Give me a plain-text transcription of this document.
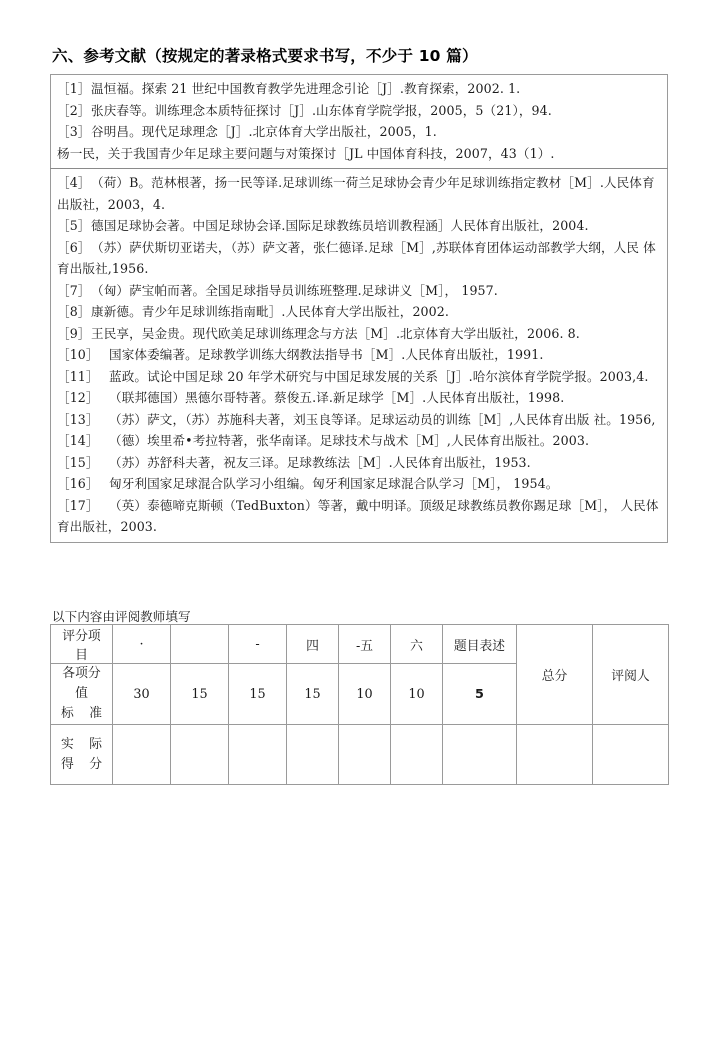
六、参考文献（按规定的著录格式要求书写，不少于 10 篇）
［1］温恒福。探索 21 世纪中国教育教学先进理念引论［J］.教育探索，2002. 1.
［2］张庆春等。训练理念本质特征探讨［J］.山东体育学院学报，2005，5（21），94.
［3］谷明昌。现代足球理念［J］.北京体育大学出版社，2005，1.
杨一民，关于我国青少年足球主要问题与对策探讨［JL 中国体育科技，2007，43（1）.

［4］（荷）B。范林根著，扬一民等译.足球训练一荷兰足球协会青少年足球训练指定教材［M］.人民体育出版社，2003，4.
［5］德国足球协会著。中国足球协会译.国际足球教练员培训教程涵］人民体育出版社，2004.
［6］（苏）萨伏斯切亚诺夫，（苏）萨文著，张仁德译.足球［M］,苏联体育团体运动部教学大纲，人民 体育出版社,1956.
［7］（匈）萨宝帕而著。全国足球指导员训练班整理.足球讲义［M］， 1957.
［8］康新德。青少年足球训练指南毗］.人民体育大学出版社，2002.
［9］王民享，吴金贵。现代欧美足球训练理念与方法［M］.北京体育大学出版社，2006. 8.
［10］ 国家体委编著。足球教学训练大纲教法指导书［M］.人民体育出版社，1991.
［11］ 蓝政。试论中国足球 20 年学术研究与中国足球发展的关系［J］.哈尔滨体育学院学报。2003,4.
［12］ （联邦德国）黑德尔哥特著。蔡俊五.译.新足球学［M］.人民体育出版社，1998.
［13］ （苏）萨文，（苏）苏施科夫著，刘玉良等译。足球运动员的训练［M］,人民体育出版 社。1956,
［14］ （德）埃里希•考拉特著，张华南译。足球技术与战术［M］,人民体育出版社。2003.
［15］ （苏）苏舒科夫著，祝友三译。足球教练法［M］.人民体育出版社，1953.
［16］ 匈牙利国家足球混合队学习小组编。匈牙利国家足球混合队学习［M］， 1954。
［17］ （英）泰德啼克斯顿（TedBuxton）等著，戴中明译。顶级足球教练员教你踢足球［M］， 人民体育出版社，2003.
以下内容由评阅教师填写
评分项目	·		‐	四	-五	六	题目表述	总分	评阅人

各项分值
标 准	30	15	15	15	10	10	5		

实 际
得 分									
